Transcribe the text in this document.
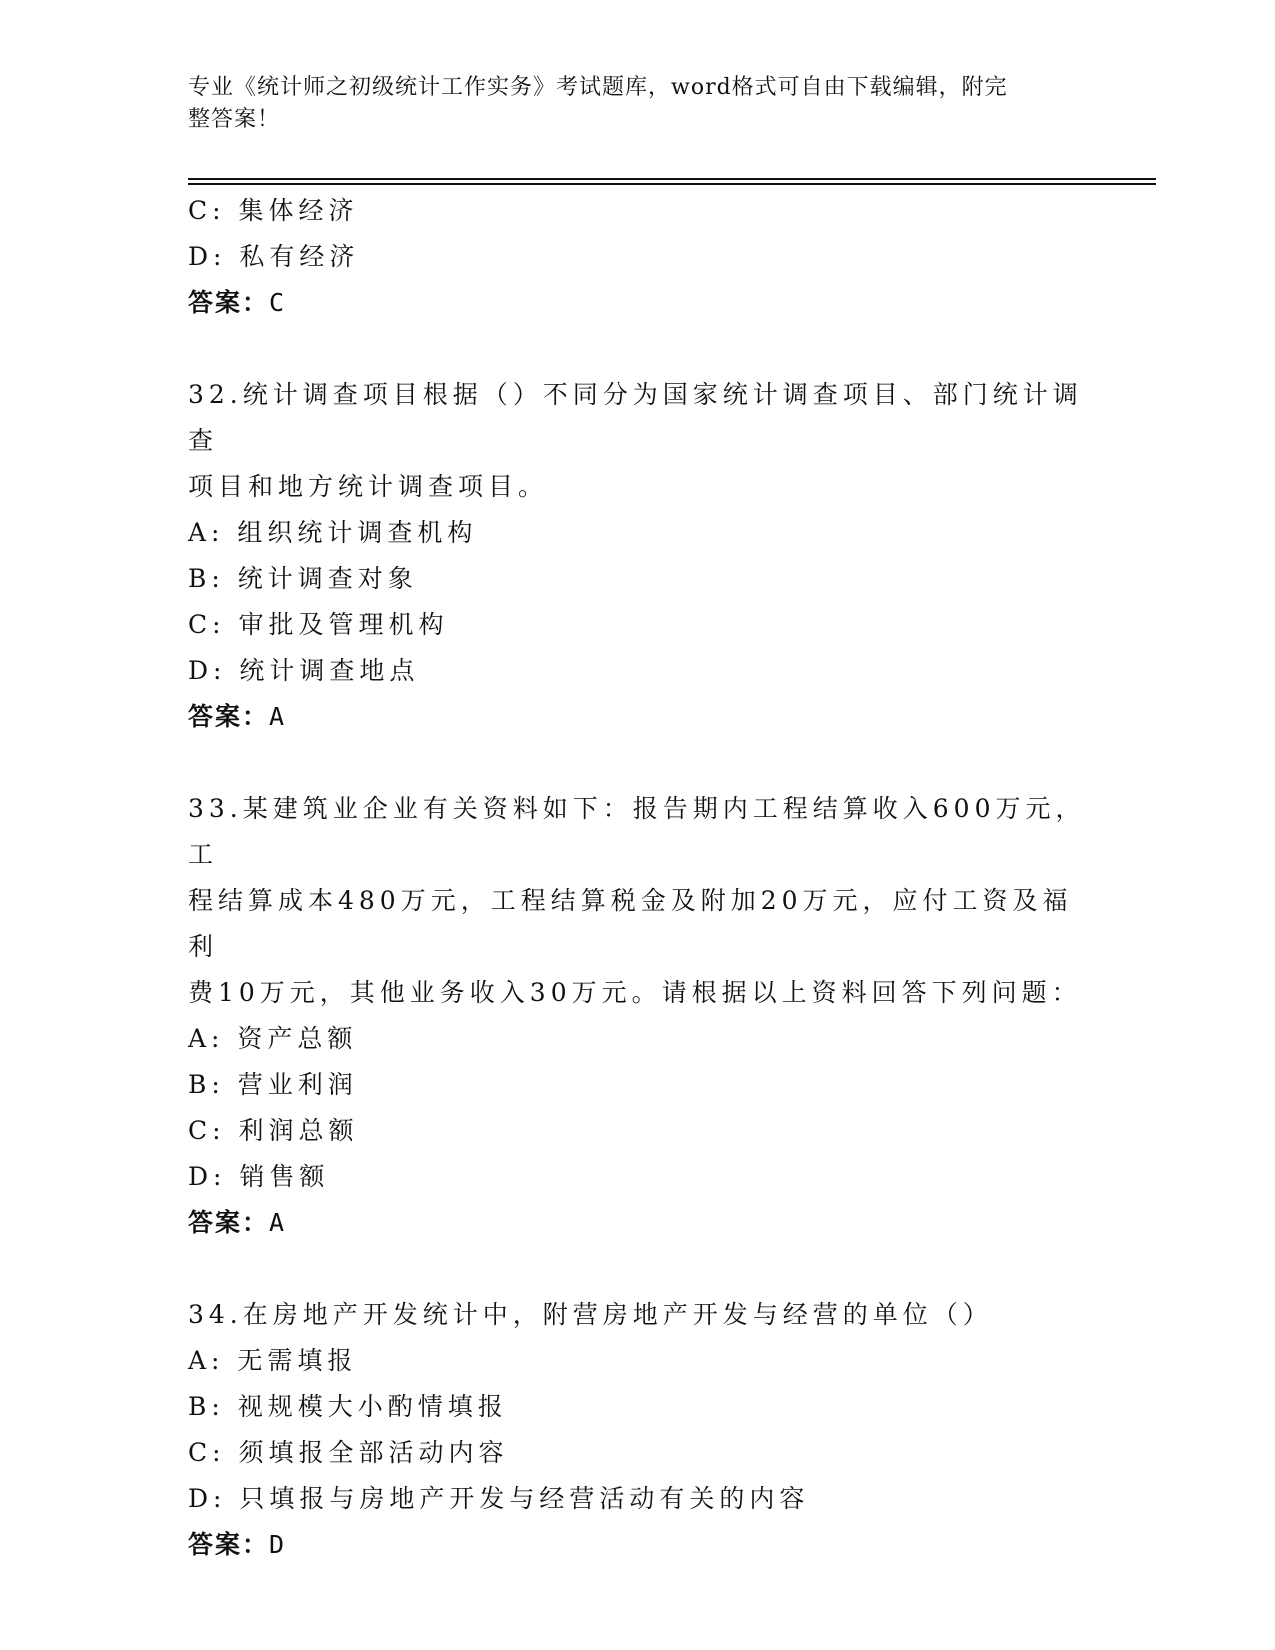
专业《统计师之初级统计工作实务》考试题库，word格式可自由下载编辑，附完
整答案！
C: 集体经济
D: 私有经济
答案：C
32.统计调查项目根据（）不同分为国家统计调查项目、部门统计调查
项目和地方统计调查项目。
A: 组织统计调查机构
B: 统计调查对象
C: 审批及管理机构
D: 统计调查地点
答案：A
33.某建筑业企业有关资料如下：报告期内工程结算收入600万元，工
程结算成本480万元，工程结算税金及附加20万元，应付工资及福利
费10万元，其他业务收入30万元。请根据以上资料回答下列问题：
A: 资产总额
B: 营业利润
C: 利润总额
D: 销售额
答案：A
34.在房地产开发统计中，附营房地产开发与经营的单位（）
A: 无需填报
B: 视规模大小酌情填报
C: 须填报全部活动内容
D: 只填报与房地产开发与经营活动有关的内容
答案：D
